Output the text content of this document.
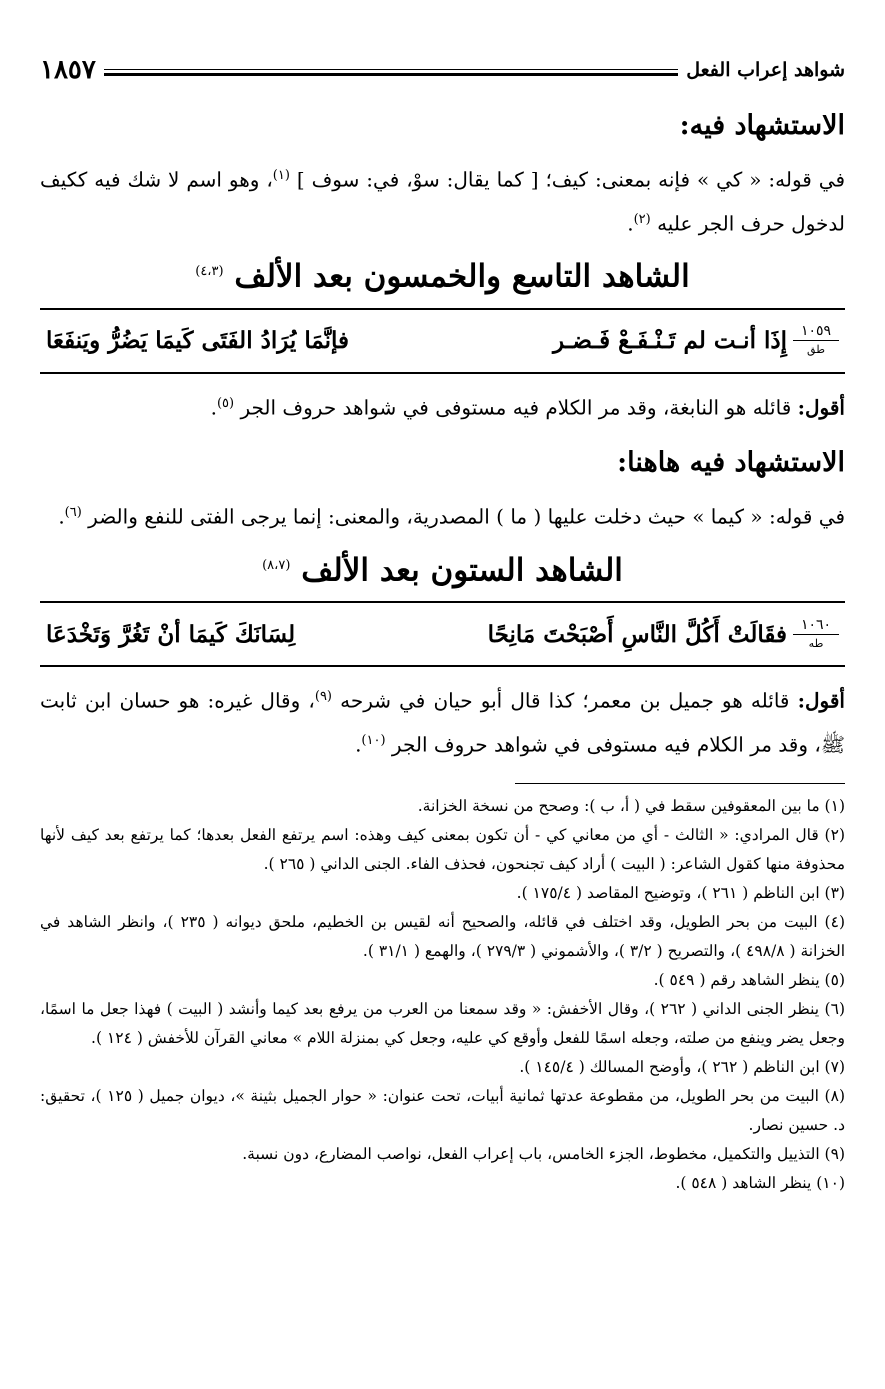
شواهد إعراب الفعل
١٨٥٧
الاستشهاد فيه:

في قوله: « كي » فإنه بمعنى: كيف؛ [ كما يقال: سوْ، في: سوف ] $^{(١)}$، وهو اسم لا شك فيه ككيف لدخول حرف الجر عليه $^{(٢)}$.

الشاهد التاسع والخمسون بعد الألف $^{(٤،٣)}$
١٠٥٩
طق
إِذَا أنـت لم تَـنْـفَـعْ فَـضـر
فإنَّمَا يُرَادُ الفَتَى كَيمَا يَضُرُّ ويَنفَعَا

أقول: قائله هو النابغة، وقد مر الكلام فيه مستوفى في شواهد حروف الجر $^{(٥)}$.

الاستشهاد فيه هاهنا:

في قوله: « كيما » حيث دخلت عليها ( ما ) المصدرية، والمعنى: إنما يرجى الفتى للنفع والضر $^{(٦)}$.

الشاهد الستون بعد الألف $^{(٨،٧)}$
١٠٦٠
طه
فقَالَتْ أَكُلَّ النَّاسِ أَصْبَحْتَ مَانِحًا
لِسَانَكَ كَيمَا أنْ تَغُرَّ وَتَخْدَعَا

أقول: قائله هو جميل بن معمر؛ كذا قال أبو حيان في شرحه $^{(٩)}$، وقال غيره: هو حسان ابن ثابت ﷺ، وقد مر الكلام فيه مستوفى في شواهد حروف الجر $^{(١٠)}$.

(١) ما بين المعقوفين سقط في ( أ، ب ): وصحح من نسخة الخزانة.

(٢) قال المرادي: « الثالث - أي من معاني كي - أن تكون بمعنى كيف وهذه: اسم يرتفع الفعل بعدها؛ كما يرتفع بعد كيف لأنها محذوفة منها كقول الشاعر: ( البيت ) أراد كيف تجنحون، فحذف الفاء. الجنى الداني ( ٢٦٥ ).

(٣) ابن الناظم ( ٢٦١ )، وتوضيح المقاصد ( ١٧٥/٤ ).

(٤) البيت من بحر الطويل، وقد اختلف في قائله، والصحيح أنه لقيس بن الخطيم، ملحق ديوانه ( ٢٣٥ )، وانظر الشاهد في الخزانة ( ٤٩٨/٨ )، والتصريح ( ٣/٢ )، والأشموني ( ٢٧٩/٣ )، والهمع ( ٣١/١ ).

(٥) ينظر الشاهد رقم ( ٥٤٩ ).

(٦) ينظر الجنى الداني ( ٢٦٢ )، وقال الأخفش: « وقد سمعنا من العرب من يرفع بعد كيما وأنشد ( البيت ) فهذا جعل ما اسمًا، وجعل يضر وينفع من صلته، وجعله اسمًا للفعل وأوقع كي عليه، وجعل كي بمنزلة اللام » معاني القرآن للأخفش ( ١٢٤ ).

(٧) ابن الناظم ( ٢٦٢ )، وأوضح المسالك ( ١٤٥/٤ ).

(٨) البيت من بحر الطويل، من مقطوعة عدتها ثمانية أبيات، تحت عنوان: « حوار الجميل بثينة »، ديوان جميل ( ١٢٥ )، تحقيق: د. حسين نصار.

(٩) التذييل والتكميل، مخطوط، الجزء الخامس، باب إعراب الفعل، نواصب المضارع، دون نسبة.

(١٠) ينظر الشاهد ( ٥٤٨ ).
